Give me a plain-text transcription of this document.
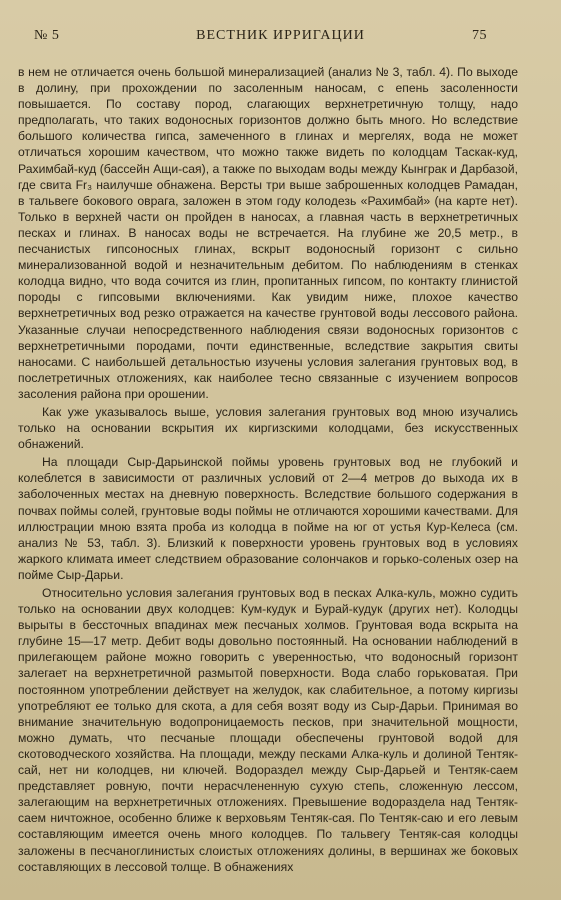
№ 5	ВЕСТНИК ИРРИГАЦИИ	75

в нем не отличается очень большой минерализацией (анализ № 3, табл. 4). По выходе в долину, при прохождении по засоленным наносам, с епень засоленности повышается. По составу пород, слагающих верхнетретичную толщу, надо предполагать, что таких водоносных горизонтов должно быть много. Но вследствие большого количества гипса, замеченного в глинах и мергелях, вода не может отличаться хорошим качеством, что можно также видеть по колодцам Таскак-куд, Рахимбай-куд (бассейн Ащи-сая), а также по выходам воды между Кынграк и Дарбазой, где свита Fr₃ наилучше обнажена. Версты три выше заброшенных колодцев Рамадан, в тальвеге бокового оврага, заложен в этом году колодезь «Рахимбай» (на карте нет). Только в верхней части он пройден в наносах, а главная часть в верхнетретичных песках и глинах. В наносах воды не встречается. На глубине же 20,5 метр., в песчанистых гипсоносных глинах, вскрыт водоносный горизонт с сильно минерализованной водой и незначительным дебитом. По наблюдениям в стенках колодца видно, что вода сочится из глин, пропитанных гипсом, по контакту глинистой породы с гипсовыми включениями. Как увидим ниже, плохое качество верхнетретичных вод резко отражается на качестве грунтовой воды лессового района. Указанные случаи непосредственного наблюдения связи водоносных горизонтов с верхнетретичными породами, почти единственные, вследствие закрытия свиты наносами. С наибольшей детальностью изучены условия залегания грунтовых вод, в послетретичных отложениях, как наиболее тесно связанные с изучением вопросов засоления района при орошении.

Как уже указывалось выше, условия залегания грунтовых вод мною изучались только на основании вскрытия их киргизскими колодцами, без искусственных обнажений.

На площади Сыр-Дарьинской поймы уровень грунтовых вод не глубокий и колеблется в зависимости от различных условий от 2—4 метров до выхода их в заболоченных местах на дневную поверхность. Вследствие большого содержания в почвах поймы солей, грунтовые воды поймы не отличаются хорошими качествами. Для иллюстрации мною взята проба из колодца в пойме на юг от устья Кур-Келеса (см. анализ № 53, табл. 3). Близкий к поверхности уровень грунтовых вод в условиях жаркого климата имеет следствием образование солончаков и горько-соленых озер на пойме Сыр-Дарьи.

Относительно условия залегания грунтовых вод в песках Алка-куль, можно судить только на основании двух колодцев: Кум-кудук и Бурай-кудук (других нет). Колодцы вырыты в бессточных впадинах меж песчаных холмов. Грунтовая вода вскрыта на глубине 15—17 метр. Дебит воды довольно постоянный. На основании наблюдений в прилегающем районе можно говорить с уверенностью, что водоносный горизонт залегает на верхнетретичной размытой поверхности. Вода слабо горьковатая. При постоянном употреблении действует на желудок, как слабительное, а потому киргизы употребляют ее только для скота, а для себя возят воду из Сыр-Дарьи. Принимая во внимание значительную водопроницаемость песков, при значительной мощности, можно думать, что песчаные площади обеспечены грунтовой водой для скотоводческого хозяйства. На площади, между песками Алка-куль и долиной Тентяк-сай, нет ни колодцев, ни ключей. Водораздел между Сыр-Дарьей и Тентяк-саем представляет ровную, почти нерасчлененную сухую степь, сложенную лессом, залегающим на верхнетретичных отложениях. Превышение водораздела над Тентяк-саем ничтожное, особенно ближе к верховьям Тентяк-сая. По Тентяк-саю и его левым составляющим имеется очень много колодцев. По тальвегу Тентяк-сая колодцы заложены в песчаноглинистых слоистых отложениях долины, в вершинах же боковых составляющих в лессовой толще. В обнажениях
